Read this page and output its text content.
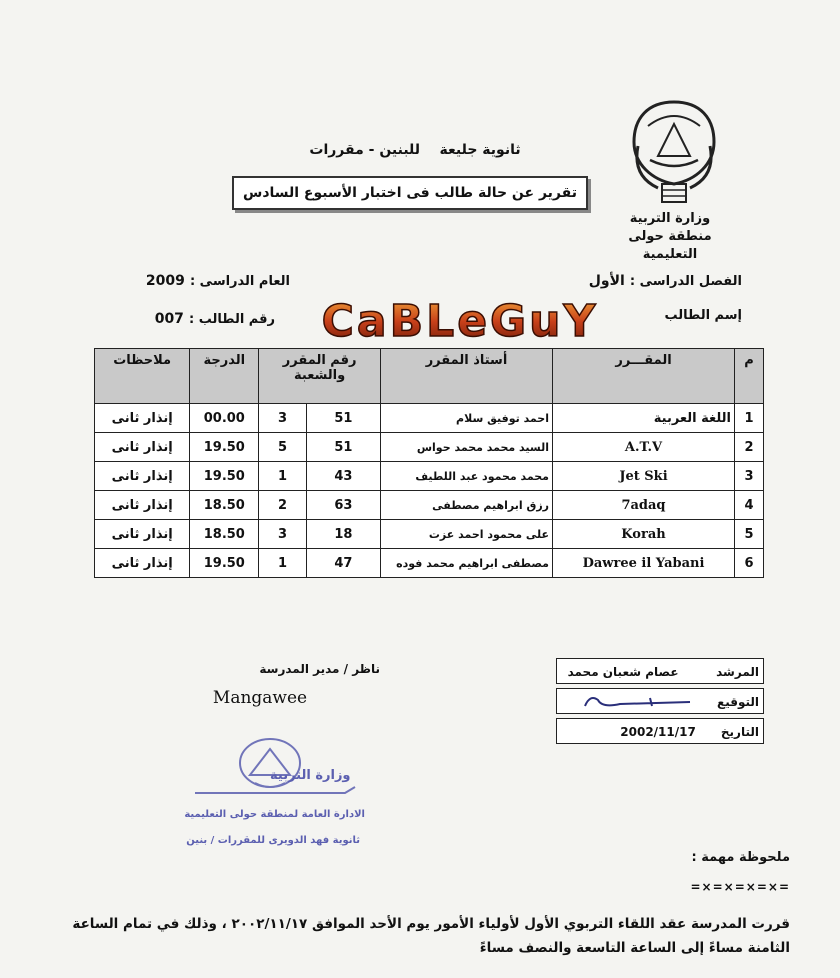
وزارة التربية
منطقة حولى التعليمية
ثانوية جليعة    للبنين - مقررات
تقرير عن حالة طالب فى اختبار الأسبوع السادس
الفصل الدراسى : الأول
العام الدراسى : 2009
إسم الطالب
CaBLeGuY
رقم الطالب : 007
م	المقـــرر	أستاذ المقرر	رقم المقرر والشعبة		الدرجة	ملاحظات
1	اللغة العربية	احمد توفيق سلام	51	3	00.00	إنذار ثانى
2	A.T.V	السيد محمد محمد حواس	51	5	19.50	إنذار ثانى
3	Jet Ski	محمد محمود عبد اللطيف	43	1	19.50	إنذار ثانى
4	7adaq	رزق ابراهيم مصطفى	63	2	18.50	إنذار ثانى
5	Korah	على محمود احمد عزت	18	3	18.50	إنذار ثانى
6	Dawree il Yabani	مصطفى ابراهيم محمد فوده	47	1	19.50	إنذار ثانى
المرشد         عصام شعبان محمد
التوقيع
التاريخ      2002/11/17
ناظر / مدير المدرسة
Mangawee
وزارة التربية
الادارة العامة لمنطقة حولى التعليمية
ثانوية فهد الدويرى للمقررات / بنين
ملحوظة مهمة :
=×=×=×=×=
قررت المدرسة عقد اللقاء التربوي الأول لأولياء الأمور يوم الأحد الموافق ٢٠٠٢/١١/١٧ ، وذلك في تمام الساعة
الثامنة مساءً إلى الساعة التاسعة والنصف مساءً
